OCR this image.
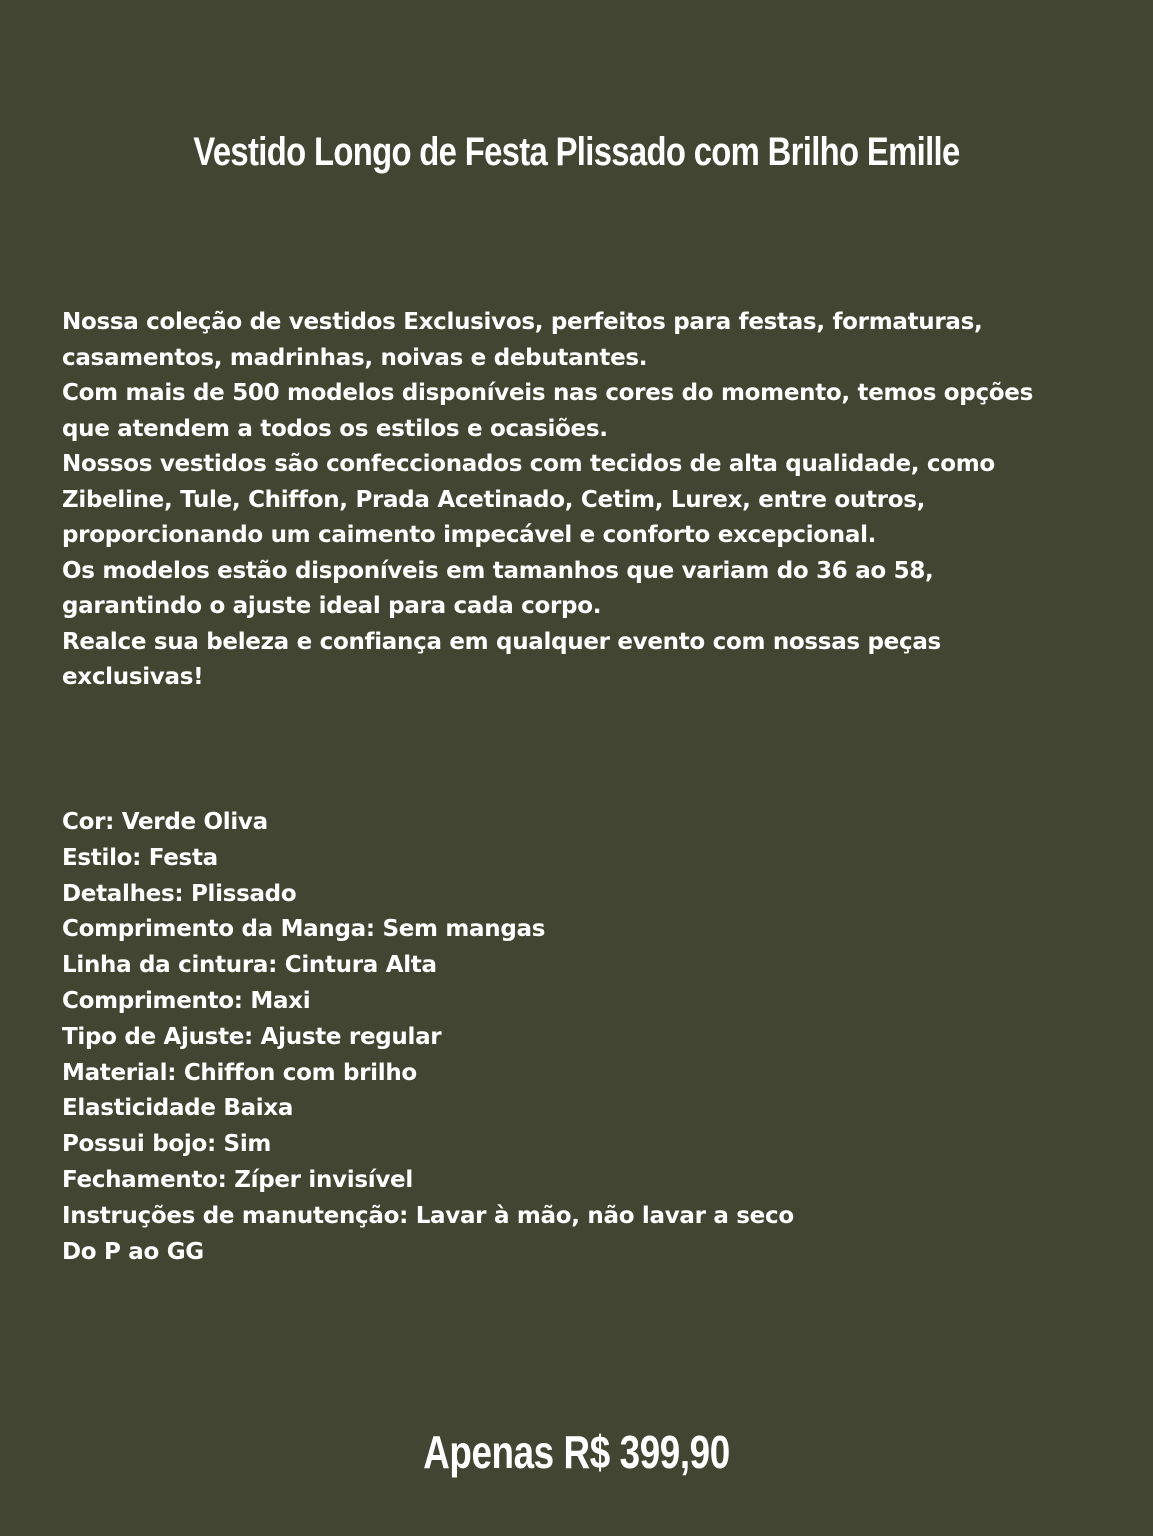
Vestido Longo de Festa Plissado com Brilho Emille

Nossa coleção de vestidos Exclusivos, perfeitos para festas, formaturas, casamentos, madrinhas, noivas e debutantes.

Com mais de 500 modelos disponíveis nas cores do momento, temos opções que atendem a todos os estilos e ocasiões.

Nossos vestidos são confeccionados com tecidos de alta qualidade, como Zibeline, Tule, Chiffon, Prada Acetinado, Cetim, Lurex, entre outros, proporcionando um caimento impecável e conforto excepcional.

Os modelos estão disponíveis em tamanhos que variam do 36 ao 58, garantindo o ajuste ideal para cada corpo.

Realce sua beleza e confiança em qualquer evento com nossas peças exclusivas!

Cor: Verde Oliva
Estilo: Festa
Detalhes: Plissado
Comprimento da Manga: Sem mangas
Linha da cintura: Cintura Alta
Comprimento: Maxi
Tipo de Ajuste: Ajuste regular
Material: Chiffon com brilho
Elasticidade Baixa
Possui bojo: Sim
Fechamento: Zíper invisível
Instruções de manutenção: Lavar à mão, não lavar a seco
Do P ao GG
Apenas R$ 399,90
